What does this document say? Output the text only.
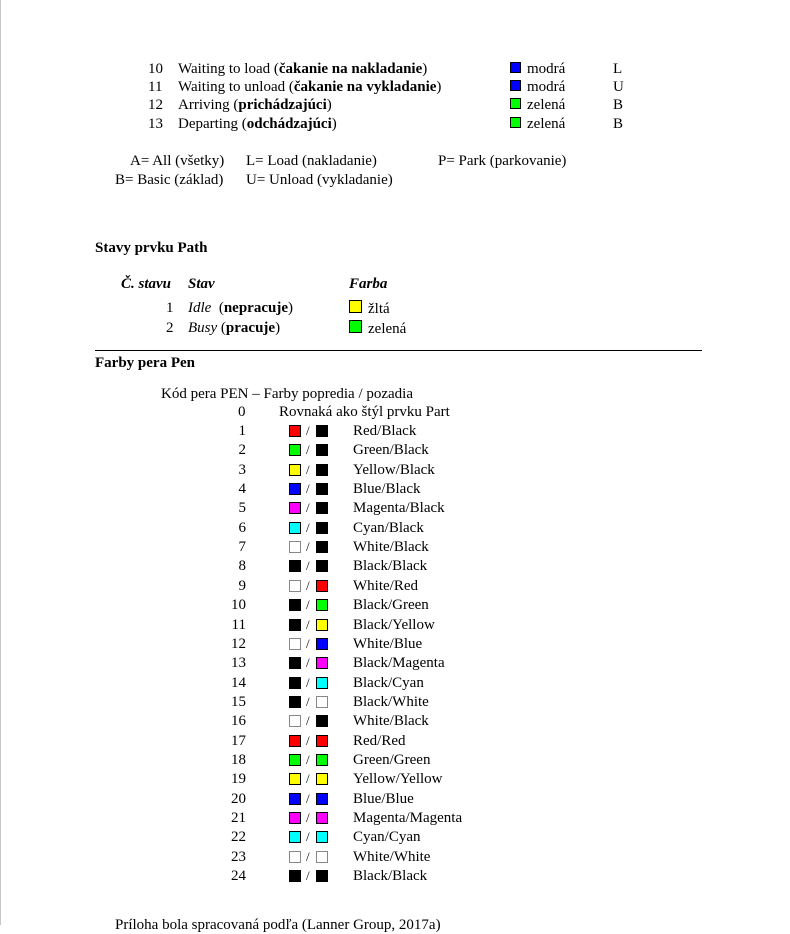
10 Waiting to load (čakanie na nakladanie)	modrá	L
11 Waiting to unload (čakanie na vykladanie)	modrá	U
12 Arriving (prichádzajúci)	zelená	B
13 Departing (odchádzajúci)	zelená	B
1 Idle  (nepracuje)	žltá
2 Busy (pracuje)	zelená
1	/	Red/Black
2	/	Green/Black
3	/	Yellow/Black
4	/	Blue/Black
5	/	Magenta/Black
6	/	Cyan/Black
7	/	White/Black
8	/	Black/Black
9	/	White/Red
10	/	Black/Green
11	/	Black/Yellow
12	/	White/Blue
13	/	Black/Magenta
14	/	Black/Cyan
15	/	Black/White
16	/	White/Black
17	/	Red/Red
18	/	Green/Green
19	/	Yellow/Yellow
20	/	Blue/Blue
21	/	Magenta/Magenta
22	/	Cyan/Cyan
23	/	White/White
24	/	Black/Black
A= All (všetky) L= Load (nakladanie)	P= Park (parkovanie)
B= Basic (základ) U= Unload (vykladanie)
Stavy prvku Path
Č. stavu Stav	Farba
Farby pera Pen
Kód pera PEN – Farby popredia / pozadia
0 Rovnaká ako štýl prvku Part
Príloha bola spracovaná podľa (Lanner Group, 2017a)
